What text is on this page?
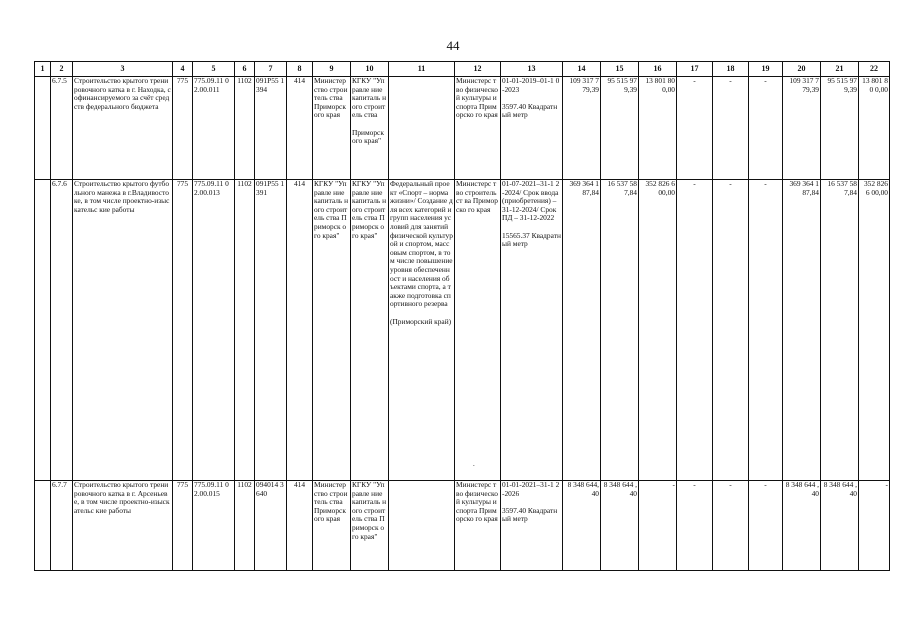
44
1	2	3	4	5	6	7	8	9	10	11	12	13	14	15	16	17	18	19	20	21	22
	6.7.5	Строительство крытого тренировочного катка в г. Находка, софинансируемого за счёт средств федерального бюджета	775	775.09.11 02.00.011	1102	091P55 1394	414	Министер ство строитель ства Приморск ого края	КГКУ "Управле ние капиталь ного строитель ства

Приморск ого края"		Министерс тво физической культуры и спорта Приморско го края	01-01-2019–01-1 0-2023

3597.40 Квадратный метр	109 317 7 79,39	95 515 97 9,39	13 801 80 0,00	-	-	-	109 317 7 79,39	95 515 97 9,39	13 801 80 0,00
	6.7.6	Строительство крытого футбольного манежа в г.Владивостоке, в том числе проектно-изыскательс кие работы	775	775.09.11 02.00.013	1102	091P55 1391	414	КГКУ "Управле ние капиталь ного строитель ства Приморск ого края"	КГКУ "Управле ние капиталь ного строитель ства Приморск ого края"	Федеральный проект «Спорт – норма жизни»/ Создание для всех категорий и групп населения условий для занятий физической культурой и спортом, массовым спортом, в том числе повышение уровня обеспеченност и населения объектами спорта, а также подготовка спортивного резерва

(Приморский край)	Министерс тво строительст ва Приморско го края	01-07-2021–31-1 2-2024/ Срок ввода (приобретения) – 31-12-2024/ Срок ПД – 31-12-2022

15565.37 Квадратный метр	369 364 1 87,84	16 537 58 7,84	352 826 6 00,00	-	-	-	369 364 1 87,84	16 537 58 7,84	352 826 6 00,00
	6.7.7	Строительство крытого тренировочного катка в г. Арсеньеве, в том числе проектно-изыскательс кие работы	775	775.09.11 02.00.015	1102	094014 3640	414	Министер ство строитель ства Приморск ого края	КГКУ "Управле ние капиталь ного строитель ства Приморск ого края"		Министерс тво физической культуры и спорта Приморско го края	01-01-2021–31-1 2-2026

3597.40 Квадратный метр	8 348 644, 40	8 348 644 ,40	-	-	-	-	8 348 644 ,40	8 348 644 ,40	-
.
